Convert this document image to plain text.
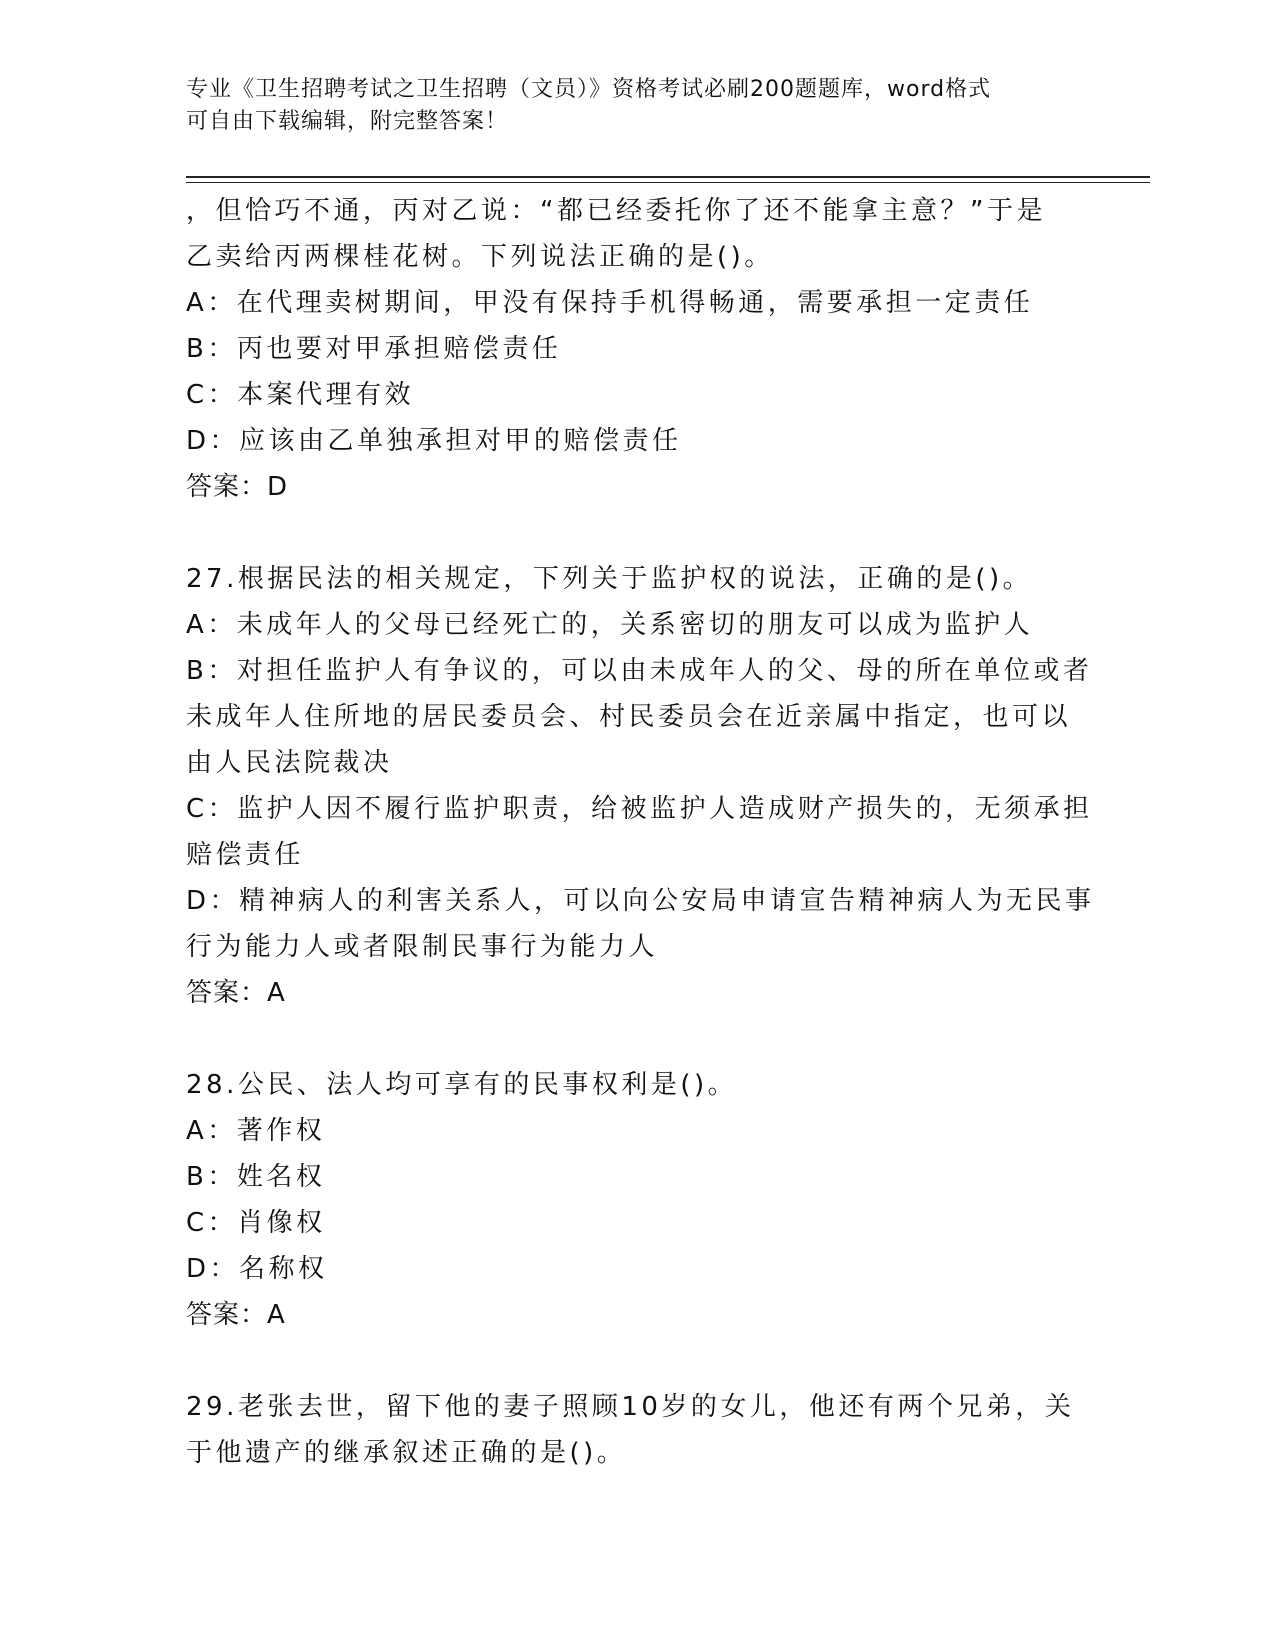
专业《卫生招聘考试之卫生招聘（文员）》资格考试必刷200题题库，word格式
可自由下载编辑，附完整答案！
，但恰巧不通，丙对乙说：“都已经委托你了还不能拿主意？”于是
乙卖给丙两棵桂花树。下列说法正确的是()。
A：在代理卖树期间，甲没有保持手机得畅通，需要承担一定责任
B：丙也要对甲承担赔偿责任
C：本案代理有效
D：应该由乙单独承担对甲的赔偿责任
答案：D
27.根据民法的相关规定，下列关于监护权的说法，正确的是()。
A：未成年人的父母已经死亡的，关系密切的朋友可以成为监护人
B：对担任监护人有争议的，可以由未成年人的父、母的所在单位或者
未成年人住所地的居民委员会、村民委员会在近亲属中指定，也可以
由人民法院裁决
C：监护人因不履行监护职责，给被监护人造成财产损失的，无须承担
赔偿责任
D：精神病人的利害关系人，可以向公安局申请宣告精神病人为无民事
行为能力人或者限制民事行为能力人
答案：A
28.公民、法人均可享有的民事权利是()。
A：著作权
B：姓名权
C：肖像权
D：名称权
答案：A
29.老张去世，留下他的妻子照顾10岁的女儿，他还有两个兄弟，关
于他遗产的继承叙述正确的是()。
